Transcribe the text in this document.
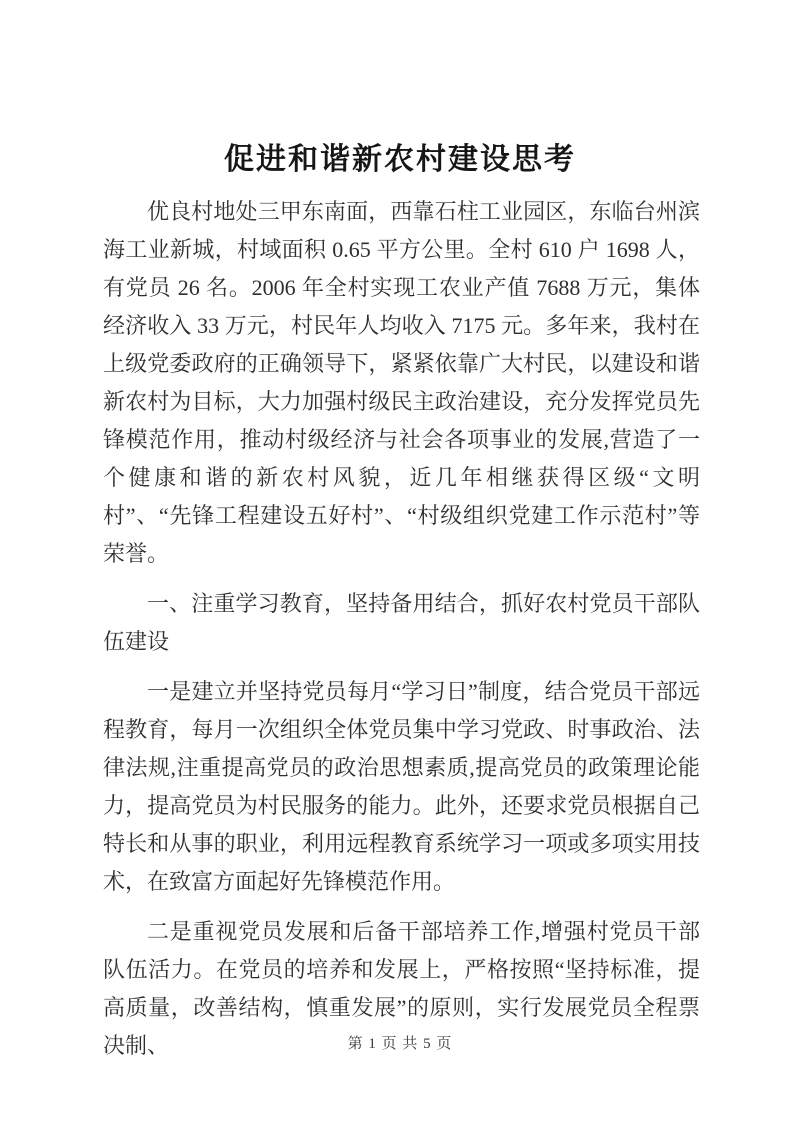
促进和谐新农村建设思考

优良村地处三甲东南面，西靠石柱工业园区，东临台州滨海工业新城，村域面积 0.65 平方公里。全村 610 户 1698 人，有党员 26 名。2006 年全村实现工农业产值 7688 万元，集体经济收入 33 万元，村民年人均收入 7175 元。多年来，我村在上级党委政府的正确领导下，紧紧依靠广大村民，以建设和谐新农村为目标，大力加强村级民主政治建设，充分发挥党员先锋模范作用，推动村级经济与社会各项事业的发展,营造了一个健康和谐的新农村风貌，近几年相继获得区级“文明村”、“先锋工程建设五好村”、“村级组织党建工作示范村”等荣誉。

一、注重学习教育，坚持备用结合，抓好农村党员干部队伍建设

一是建立并坚持党员每月“学习日”制度，结合党员干部远程教育，每月一次组织全体党员集中学习党政、时事政治、法律法规,注重提高党员的政治思想素质,提高党员的政策理论能力，提高党员为村民服务的能力。此外，还要求党员根据自己特长和从事的职业，利用远程教育系统学习一项或多项实用技术，在致富方面起好先锋模范作用。

二是重视党员发展和后备干部培养工作,增强村党员干部队伍活力。在党员的培养和发展上，严格按照“坚持标准，提高质量，改善结构，慎重发展”的原则，实行发展党员全程票决制、	第 1 页 共 5 页
